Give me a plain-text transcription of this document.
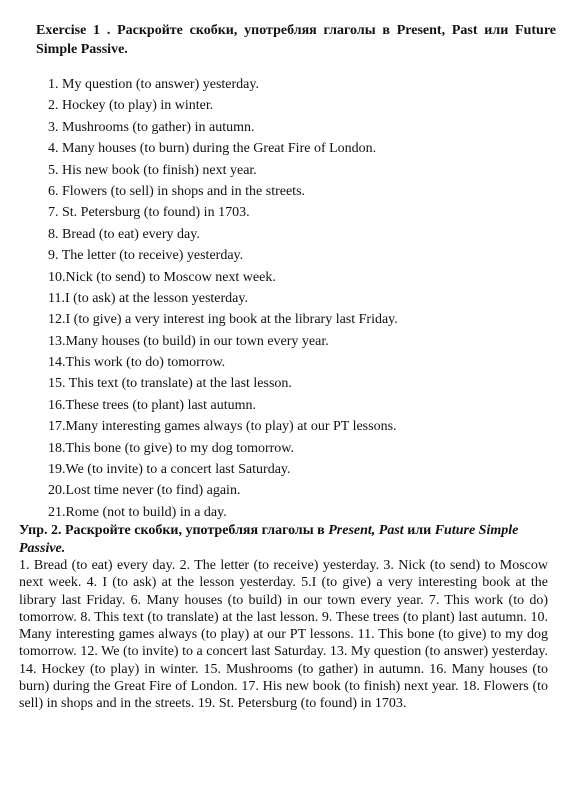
Exercise 1 . Раскройте скобки, употребляя глаголы в Present, Past или Future Simple Passive.
1. My question (to answer) yesterday.
2. Hockey (to play) in winter.
3. Mushrooms (to gather) in autumn.
4. Many houses (to burn) during the Great Fire of London.
5. His new book (to finish) next year.
6. Flowers (to sell) in shops and in the streets.
7. St. Petersburg (to found) in 1703.
8. Bread (to eat) every day.
9. The letter (to receive) yesterday.
10.Nick (to send) to Moscow next week.
11.I (to ask) at the lesson yesterday.
12.I (to give) a very interest ing book at the library last Friday.
13.Many houses (to build) in our town every year.
14.This work (to do) tomorrow.
15. This text (to translate) at the last lesson.
16.These trees (to plant) last autumn.
17.Many interesting games always (to play) at our PT lessons.
18.This bone (to give) to my dog tomorrow.
19.We (to invite) to a concert last Saturday.
20.Lost time never (to find) again.
21.Rome (not to build) in a day.
Упр. 2. Раскройте скобки, употребляя глаголы в Present, Past или Future Simple Passive.
1. Bread (to eat) every day. 2. The letter (to receive) yesterday. 3. Nick (to send) to Moscow next week. 4. I (to ask) at the lesson yesterday. 5.I (to give) a very interesting book at the library last Friday. 6. Many houses (to build) in our town every year. 7. This work (to do) tomorrow. 8. This text (to translate) at the last lesson. 9. These trees (to plant) last autumn. 10. Many interesting games always (to play) at our PT lessons. 11. This bone (to give) to my dog tomorrow. 12. We (to invite) to a concert last Saturday. 13. My question (to answer) yesterday. 14. Hockey (to play) in winter. 15. Mushrooms (to gather) in autumn. 16. Many houses (to burn) during the Great Fire of London. 17. His new book (to finish) next year. 18. Flowers (to sell) in shops and in the streets. 19. St. Petersburg (to found) in 1703.
